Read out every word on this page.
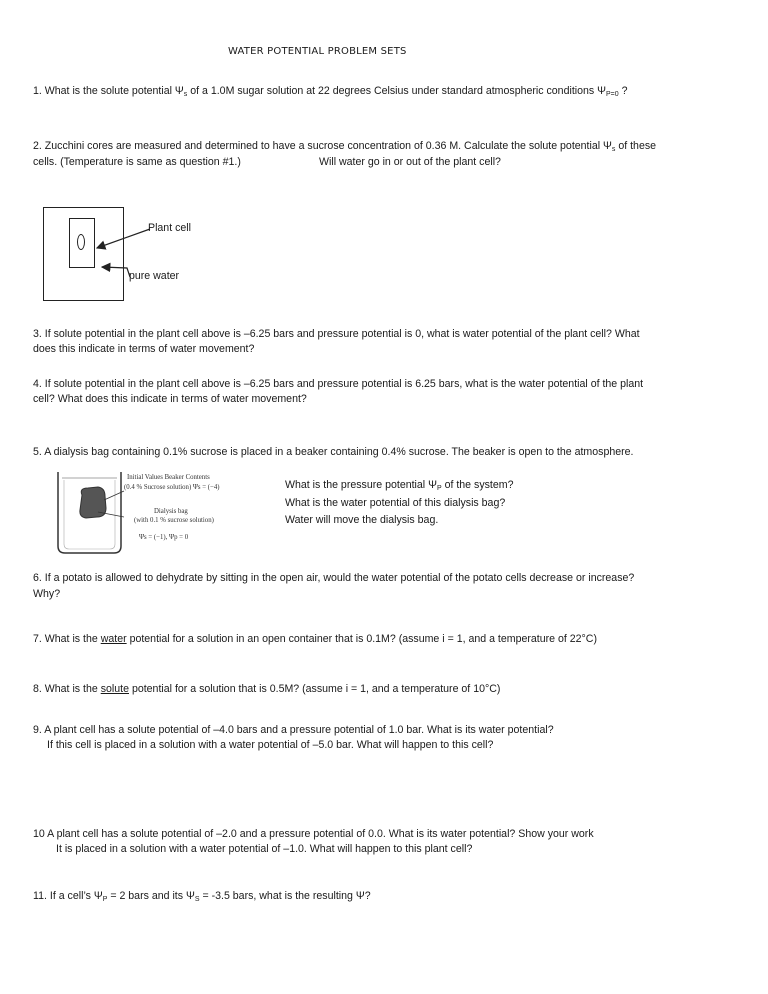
WATER POTENTIAL PROBLEM SETS
1. What is the solute potential $\Psi_s$ of a 1.0M sugar solution at 22 degrees Celsius under standard atmospheric conditions $\Psi_{P=0}$ ?
2. Zucchini cores are measured and determined to have a sucrose concentration of 0.36 M. Calculate the solute potential $\Psi_s$ of these
cells. (Temperature is same as question #1.)	Will water go in or out of the plant cell?
Plant cell
pure water
3. If solute potential in the plant cell above is –6.25 bars and pressure potential is 0, what is water potential of the plant cell? What
does this indicate in terms of water movement?
4. If solute potential in the plant cell above is –6.25 bars and pressure potential is 6.25 bars, what is the water potential of the plant
cell? What does this indicate in terms of water movement?
5. A dialysis bag containing 0.1% sucrose is placed in a beaker containing 0.4% sucrose. The beaker is open to the atmosphere.
Initial Values Beaker Contents
(0.4 % Sucrose solution) Ψs = (−4)
Dialysis bag
(with 0.1 % sucrose solution)
Ψs = (−1), Ψp = 0
What is the pressure potential $\Psi_P$ of the system?
What is the water potential of this dialysis bag?
Water will move the dialysis bag.
6. If a potato is allowed to dehydrate by sitting in the open air, would the water potential of the potato cells decrease or increase?
Why?
7. What is the water potential for a solution in an open container that is 0.1M? (assume i = 1, and a temperature of 22°C)
8. What is the solute potential for a solution that is 0.5M? (assume i = 1, and a temperature of 10°C)
9. A plant cell has a solute potential of –4.0 bars and a pressure potential of 1.0 bar. What is its water potential?
If this cell is placed in a solution with a water potential of –5.0 bar. What will happen to this cell?
10 A plant cell has a solute potential of –2.0 and a pressure potential of 0.0. What is its water potential? Show your work
It is placed in a solution with a water potential of –1.0. What will happen to this plant cell?
11. If a cell’s $\Psi_P = 2$ bars and its $\Psi_S = -3.5$ bars, what is the resulting Ψ?
